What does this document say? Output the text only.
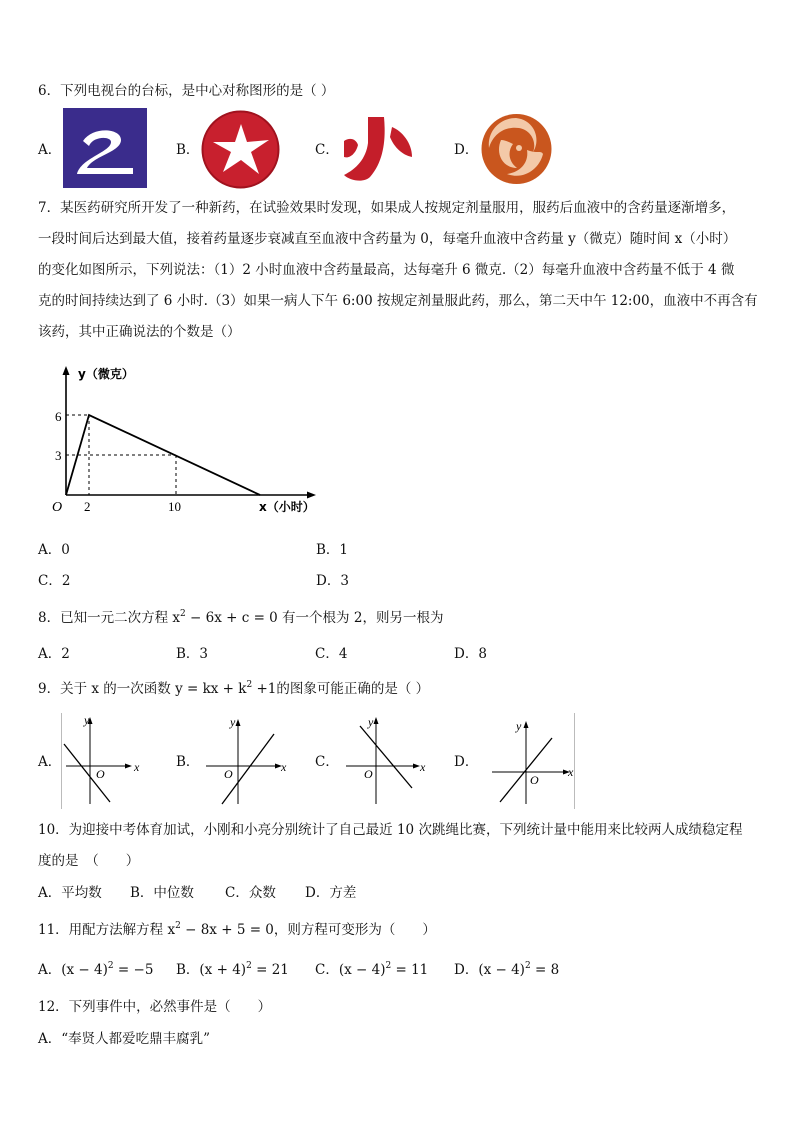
6．下列电视台的台标，是中心对称图形的是（ ）
A．	B．	C．	D．
7．某医药研究所开发了一种新药，在试验效果时发现，如果成人按规定剂量服用，服药后血液中的含药量逐渐增多，
一段时间后达到最大值，接着药量逐步衰减直至血液中含药量为 0，每毫升血液中含药量 y（微克）随时间 x（小时）
的变化如图所示，下列说法：（1）2 小时血液中含药量最高，达每毫升 6 微克.（2）每毫升血液中含药量不低于 4 微
克的时间持续达到了 6 小时.（3）如果一病人下午 6:00 按规定剂量服此药，那么，第二天中午 12:00，血液中不再含有
该药，其中正确说法的个数是（）
y（微克）
x（小时）
O
6
3
2	10
A．0	B．1
C．2	D．3
8．已知一元二次方程 $x^2 - 6x + c = 0$ 有一个根为 2，则另一根为
A．2	B．3	C．4	D．8
9．关于 x 的一次函数 y = kx + $k^2 +1$的图象可能正确的是（ ）
A．	x
y
O
B．	x
y
O
C．	x
y
O
D．
x
y
O
10．为迎接中考体育加试，小刚和小亮分别统计了自己最近 10 次跳绳比赛，下列统计量中能用来比较两人成绩稳定程
度的是　（　　）
A．平均数 B．中位数 C．众数 D．方差
11．用配方法解方程 $x^2 - 8x + 5 = 0$，则方程可变形为（　　）
A．$(x - 4)^2 = -5$ B．$(x + 4)^2 = 21$ C．$(x - 4)^2 = 11$ D．$(x - 4)^2 = 8$
12．下列事件中，必然事件是（　　）
A．“奉贤人都爱吃鼎丰腐乳”
